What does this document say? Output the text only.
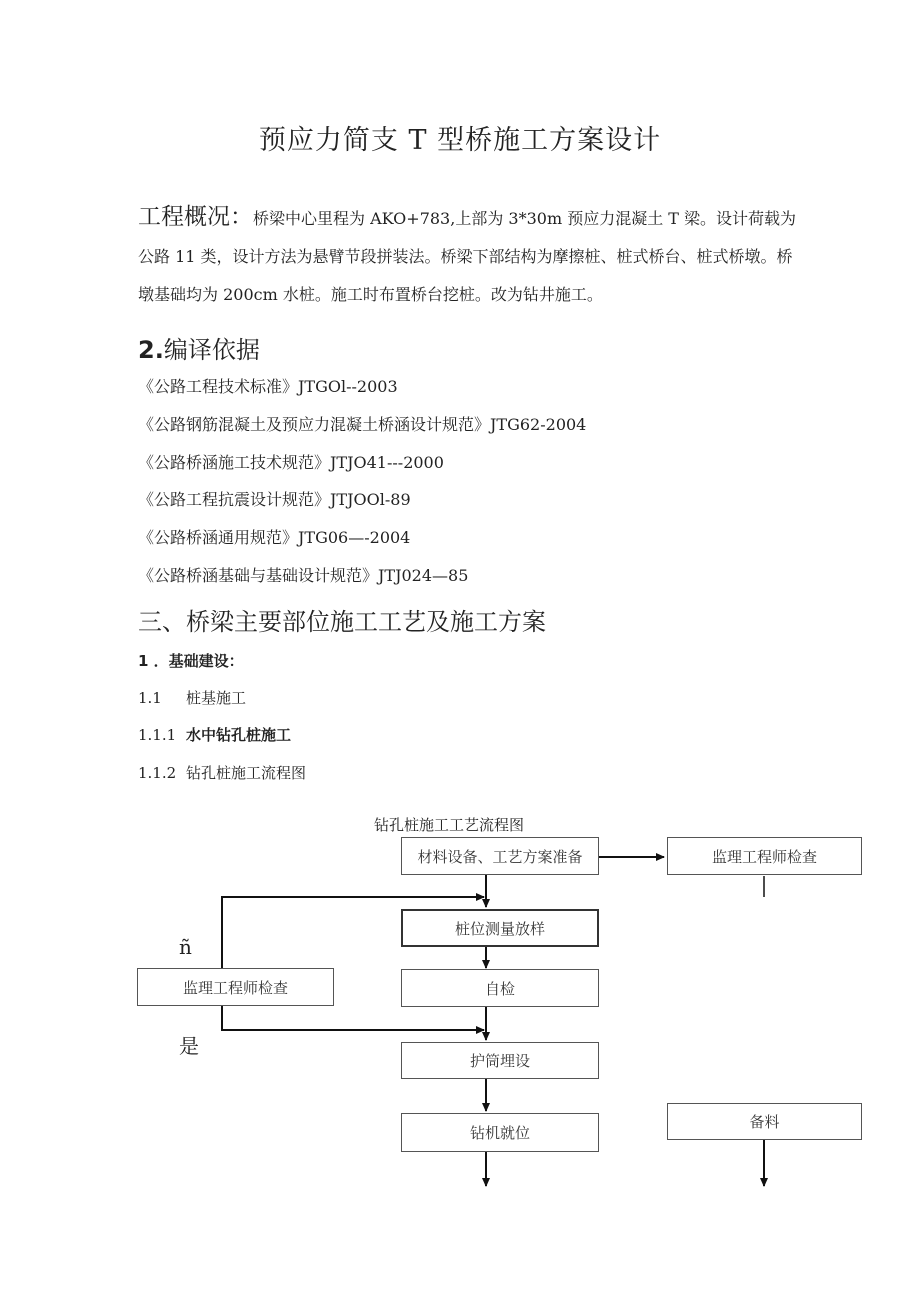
预应力简支 T 型桥施工方案设计
工程概况：桥梁中心里程为 AKO+783,上部为 3*30m 预应力混凝土 T 梁。设计荷载为公路 11 类，设计方法为悬臂节段拼装法。桥梁下部结构为摩擦桩、桩式桥台、桩式桥墩。桥墩基础均为 200cm 水桩。施工时布置桥台挖桩。改为钻井施工。
2.编译依据
《公路工程技术标准》JTGOl--2003
《公路钢筋混凝土及预应力混凝土桥涵设计规范》JTG62-2004
《公路桥涵施工技术规范》JTJO41---2000
《公路工程抗震设计规范》JTJOOl-89
《公路桥涵通用规范》JTG06—-2004
《公路桥涵基础与基础设计规范》JTJ024—85
三、桥梁主要部位施工工艺及施工方案
1 ．基础建设：
1.1 桩基施工
1.1.1 水中钻孔桩施工
1.1.2 钻孔桩施工流程图
钻孔桩施工工艺流程图
材料设备、工艺方案准备	监理工程师检查
桩位测量放样
监理工程师检查	自检
护筒埋设
钻机就位
备料
ñ
是
